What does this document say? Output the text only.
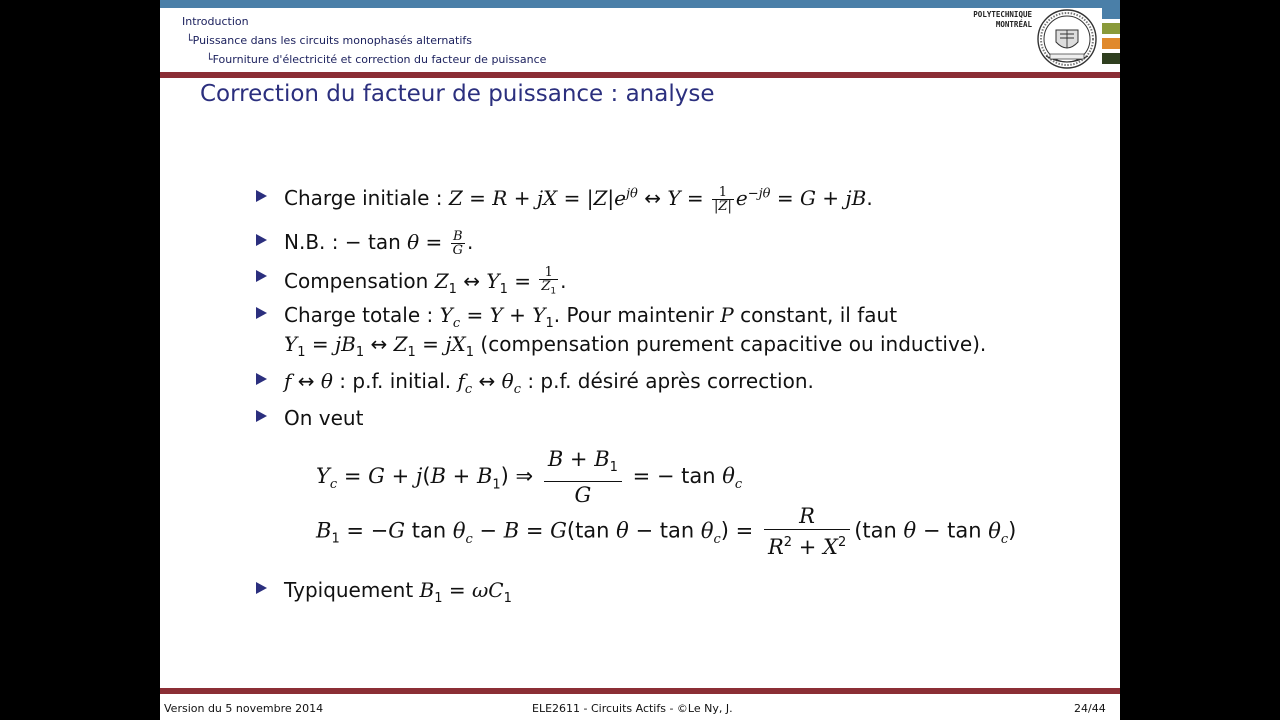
Introduction
└Puissance dans les circuits monophasés alternatifs
└Fourniture d'électricité et correction du facteur de puissance
POLYTECHNIQUE
MONTRÉAL
Correction du facteur de puissance : analyse
Charge initiale : Z = R + jX = $|Z|e^{j\theta}$ ↔ $Y = \frac{1}{|Z|} e^{-j\theta} = G$ + jB.
N.B. : − $\tan \theta = \frac{B}{G}$ .
Compensation $Z_1$ ↔ $Y_1 = \frac{1}{Z_1}$ .
Charge totale : $Y_c = Y + Y_1$. Pour maintenir P constant, il faut
$Y_1 = jB_1$ ↔ $Z_1 = jX_1$ (compensation purement capacitive ou inductive).
f ↔ θ : p.f. initial. $f_c$ ↔ $\theta_c$ : p.f. désiré après correction.
On veut
$Y_c = G + j(B + B_1)$ ⇒ $\frac{B + B_1}{G}$ = − $\tan \theta_c$
$B_1 = -G$ $\tan \theta_c - B = G(\tan$ $\theta - \tan \theta_c) = \frac{R}{R^2 + X^2} (\tan$ $\theta - \tan \theta_c$)
Typiquement $B_1 = \omega C_1$
Version du 5 novembre 2014	ELE2611 - Circuits Actifs - ©Le Ny, J.	24/44
